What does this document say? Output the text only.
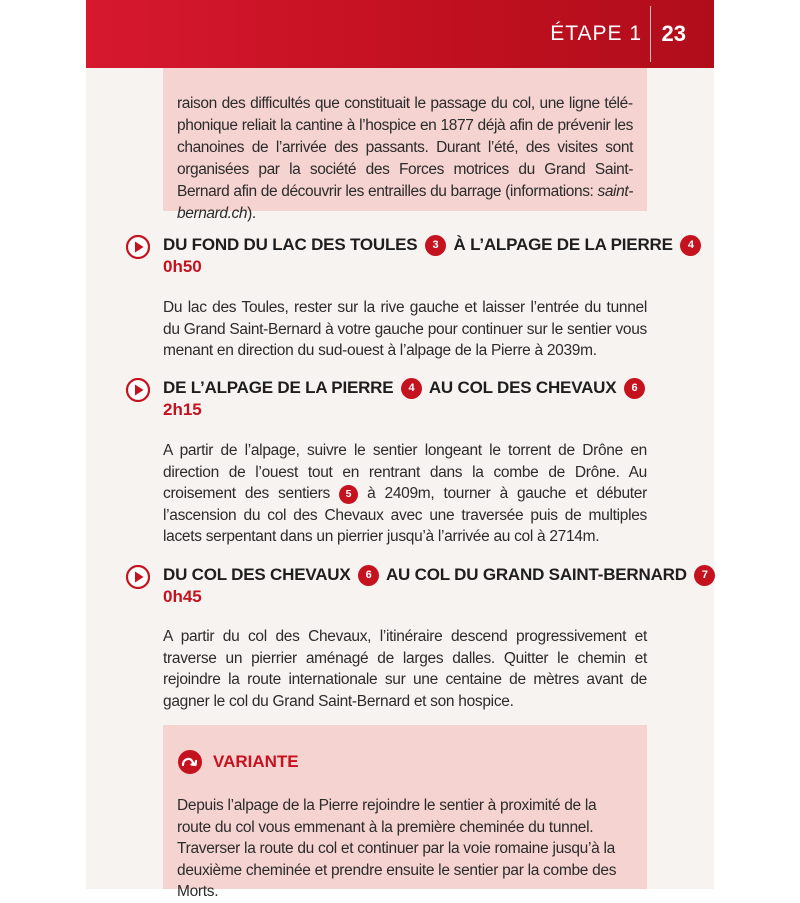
ÉTAPE 1 23

raison des difficultés que constituait le passage du col, une ligne téléphonique reliait la cantine à l’hospice en 1877 déjà afin de prévenir les chanoines de l’arrivée des passants. Durant l’été, des visites sont organisées par la société des Forces motrices du Grand Saint-Bernard afin de découvrir les entrailles du barrage (informations: saint-bernard.ch).

DU FOND DU LAC DES TOULES 3 À L’ALPAGE DE LA PIERRE 4
0h50

Du lac des Toules, rester sur la rive gauche et laisser l’entrée du tunnel du Grand Saint-Bernard à votre gauche pour continuer sur le sentier vous menant en direction du sud-ouest à l’alpage de la Pierre à 2039m.

DE L’ALPAGE DE LA PIERRE 4 AU COL DES CHEVAUX 6
2h15

A partir de l’alpage, suivre le sentier longeant le torrent de Drône en direction de l’ouest tout en rentrant dans la combe de Drône. Au croisement des sentiers 5 à 2409m, tourner à gauche et débuter l’ascension du col des Chevaux avec une traversée puis de multiples lacets serpentant dans un pierrier jusqu’à l’arrivée au col à 2714m.

DU COL DES CHEVAUX 6 AU COL DU GRAND SAINT-BERNARD 7
0h45

A partir du col des Chevaux, l’itinéraire descend progressivement et traverse un pierrier aménagé de larges dalles. Quitter le chemin et rejoindre la route internationale sur une centaine de mètres avant de gagner le col du Grand Saint-Bernard et son hospice.

VARIANTE

Depuis l’alpage de la Pierre rejoindre le sentier à proximité de la route du col vous emmenant à la première cheminée du tunnel. Traverser la route du col et continuer par la voie romaine jusqu’à la deuxième cheminée et prendre ensuite le sentier par la combe des Morts.
